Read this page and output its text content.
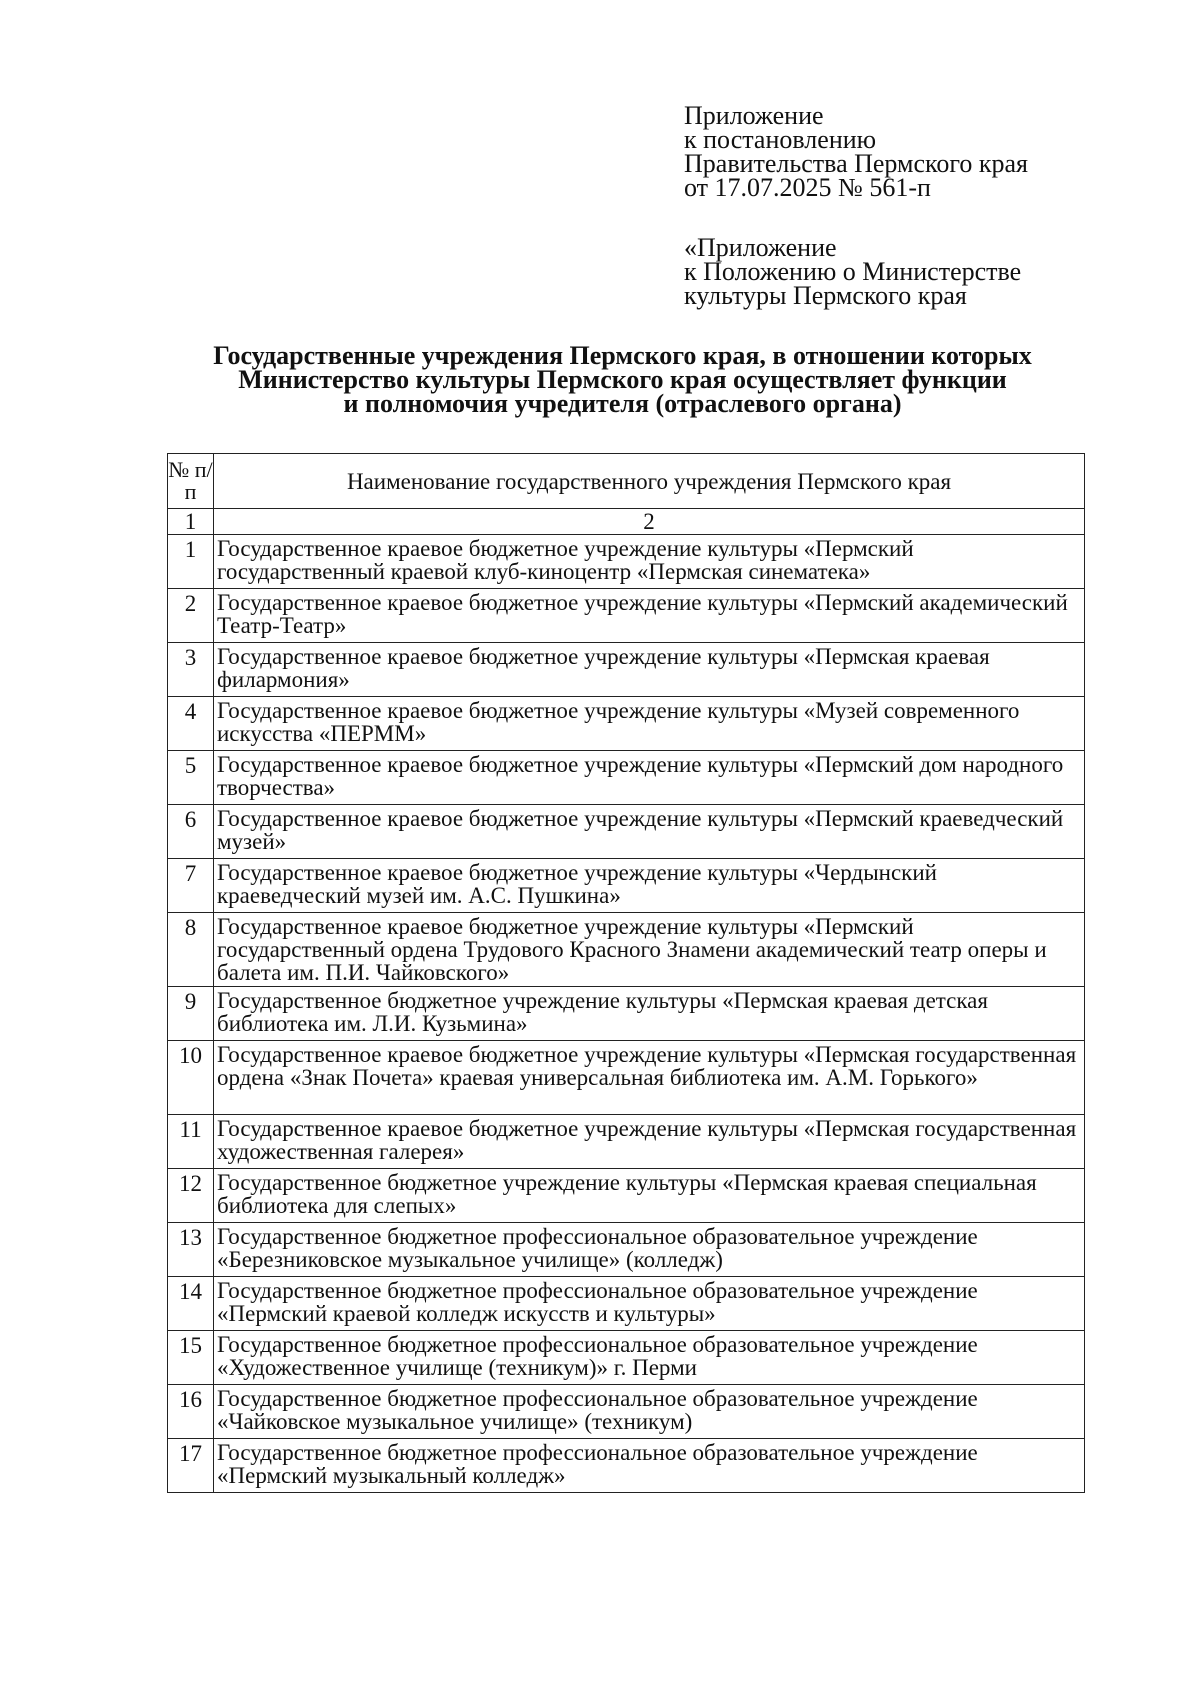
Приложение
к постановлению
Правительства Пермского края
от 17.07.2025 № 561-п
«Приложение
к Положению о Министерстве
культуры Пермского края
Государственные учреждения Пермского края, в отношении которых
Министерство культуры Пермского края осуществляет функции
и полномочия учредителя (отраслевого органа)
№ п/п	Наименование государственного учреждения Пермского края
1	2
1	Государственное краевое бюджетное учреждение культуры «Пермский государственный краевой клуб-киноцентр «Пермская синематека»
2	Государственное краевое бюджетное учреждение культуры «Пермский академический Театр-Театр»
3	Государственное краевое бюджетное учреждение культуры «Пермская краевая филармония»
4	Государственное краевое бюджетное учреждение культуры «Музей современного искусства «ПЕРММ»
5	Государственное краевое бюджетное учреждение культуры «Пермский дом народного творчества»
6	Государственное краевое бюджетное учреждение культуры «Пермский краеведческий музей»
7	Государственное краевое бюджетное учреждение культуры «Чердынский краеведческий музей им. А.С. Пушкина»
8	Государственное краевое бюджетное учреждение культуры «Пермский государственный ордена Трудового Красного Знамени академический театр оперы и балета им. П.И. Чайковского»
9	Государственное бюджетное учреждение культуры «Пермская краевая детская библиотека им. Л.И. Кузьмина»
10	Государственное краевое бюджетное учреждение культуры «Пермская государственная ордена «Знак Почета» краевая универсальная библиотека им. А.М. Горького»
11	Государственное краевое бюджетное учреждение культуры «Пермская государственная художественная галерея»
12	Государственное бюджетное учреждение культуры «Пермская краевая специальная библиотека для слепых»
13	Государственное бюджетное профессиональное образовательное учреждение «Березниковское музыкальное училище» (колледж)
14	Государственное бюджетное профессиональное образовательное учреждение «Пермский краевой колледж искусств и культуры»
15	Государственное бюджетное профессиональное образовательное учреждение «Художественное училище (техникум)» г. Перми
16	Государственное бюджетное профессиональное образовательное учреждение «Чайковское музыкальное училище» (техникум)
17	Государственное бюджетное профессиональное образовательное учреждение «Пермский музыкальный колледж»
